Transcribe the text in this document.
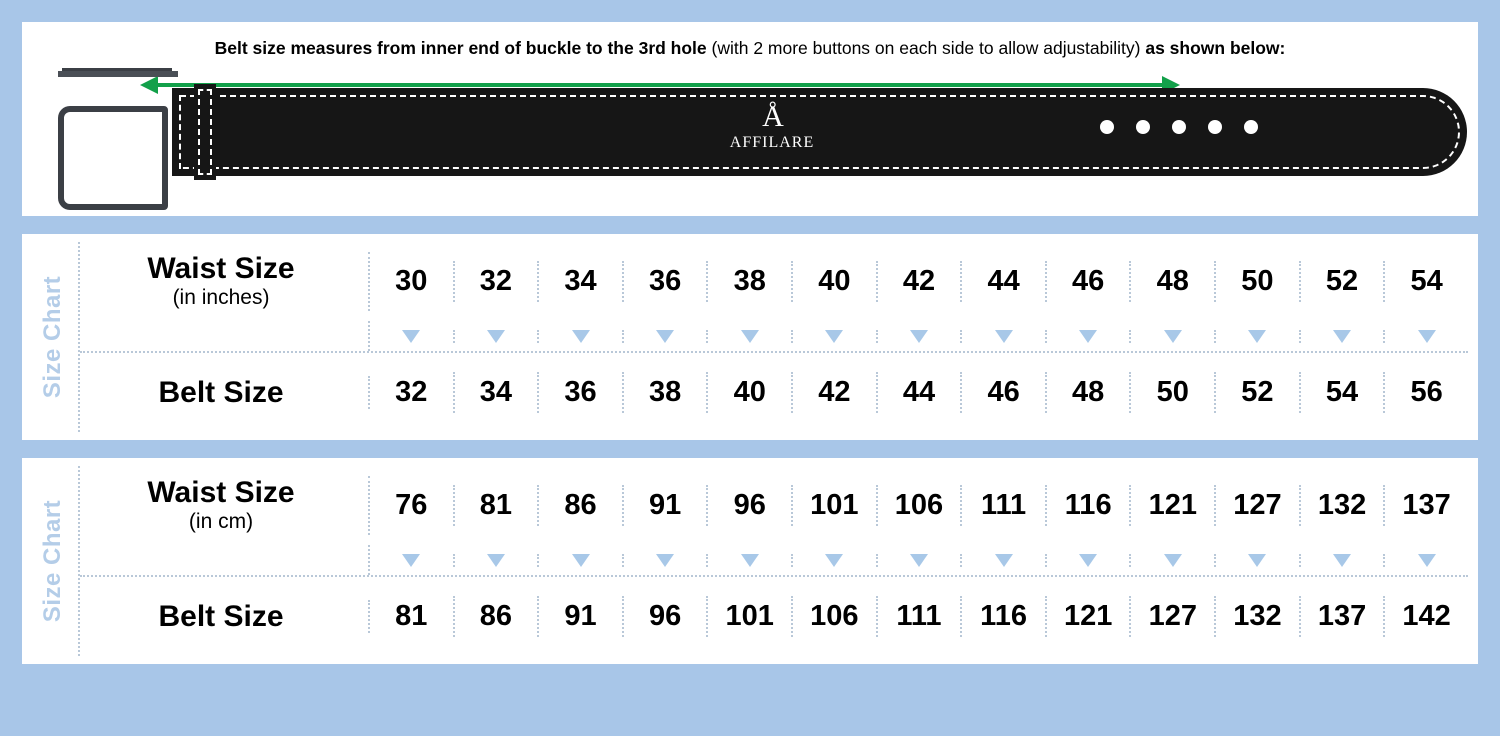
Belt size measures from inner end of buckle to the 3rd hole (with 2 more buttons on each side to allow adjustability) as shown below:
Å
AFFILARE
Size Chart
Waist Size
(in inches)
30	32	34	36	38	40	42	44	46	48	50	52	54
Belt Size	32	34	36	38	40	42	44	46	48	50	52	54	56
Size Chart
Waist Size
(in cm)
76	81	86	91	96	101	106	111	116	121	127	132	137
Belt Size	81	86	91	96	101	106	111	116	121	127	132	137	142
